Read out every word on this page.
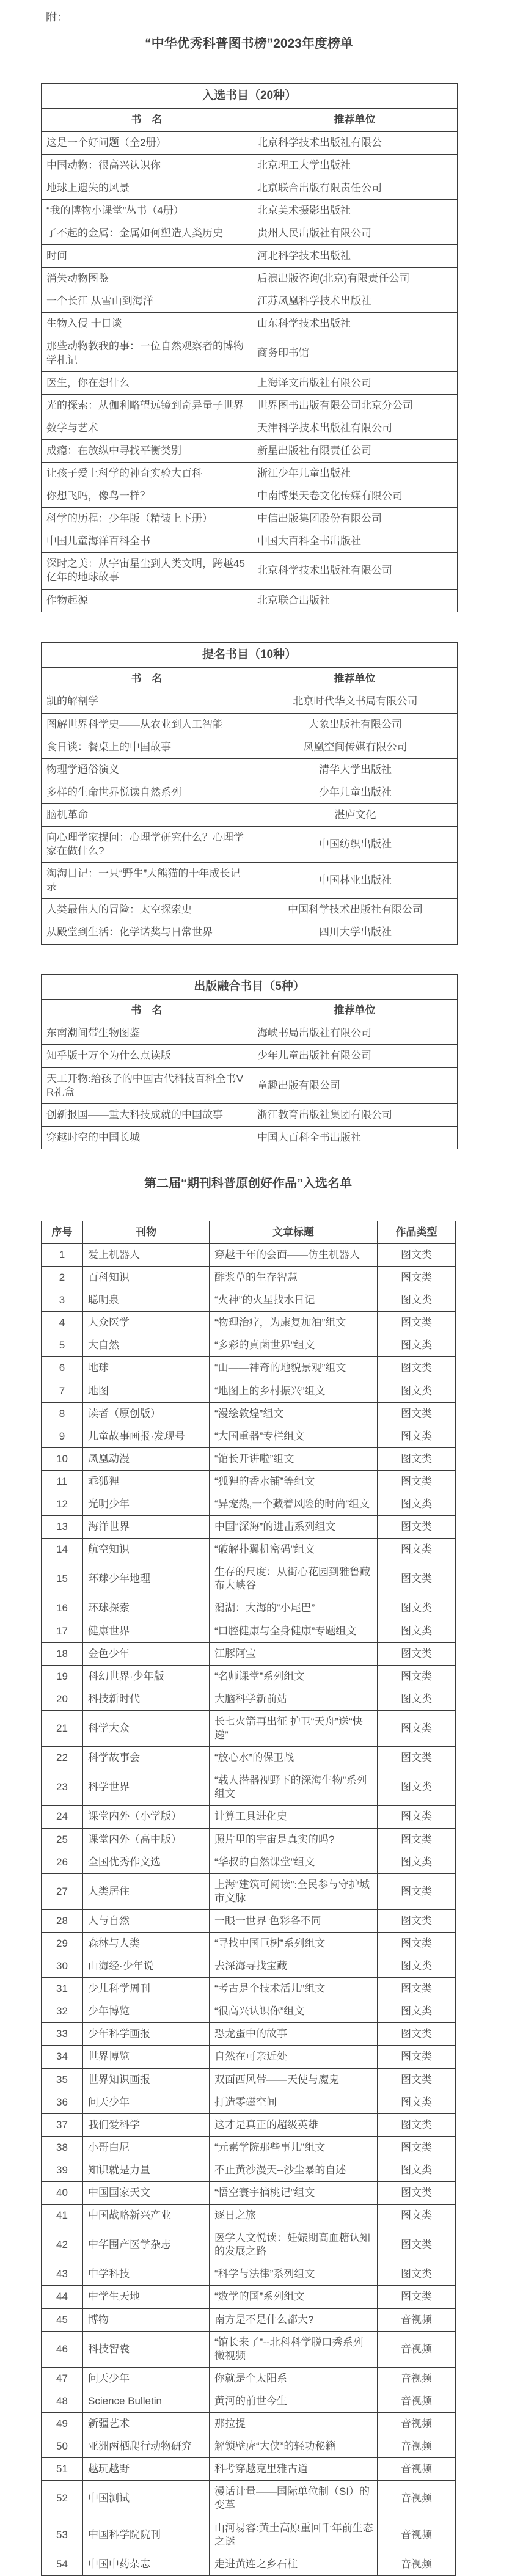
附：

“中华优秀科普图书榜”2023年度榜单
入选书目（20种）	
书　名	推荐单位
这是一个好问题（全2册）	北京科学技术出版社有限公
中国动物：很高兴认识你	北京理工大学出版社
地球上遗失的风景	北京联合出版有限责任公司
“我的博物小课堂”丛书（4册）	北京美术摄影出版社
了不起的金属：金属如何塑造人类历史	贵州人民出版社有限公司
时间	河北科学技术出版社
消失动物图鉴	后浪出版咨询(北京)有限责任公司
一个长江 从雪山到海洋	江苏凤凰科学技术出版社
生物入侵 十日谈	山东科学技术出版社
那些动物教我的事：一位自然观察者的博物学札记	商务印书馆
医生，你在想什么	上海译文出版社有限公司
光的探索：从伽利略望远镜到奇异量子世界	世界图书出版有限公司北京分公司
数学与艺术	天津科学技术出版社有限公司
成瘾：在放纵中寻找平衡类别	新星出版社有限责任公司
让孩子爱上科学的神奇实验大百科	浙江少年儿童出版社
你想飞吗，像鸟一样？	中南博集天卷文化传媒有限公司
科学的历程：少年版（精装上下册）	中信出版集团股份有限公司
中国儿童海洋百科全书	中国大百科全书出版社
深时之美：从宇宙星尘到人类文明，跨越45亿年的地球故事	北京科学技术出版社有限公司
作物起源	北京联合出版社
提名书目（10种）	
书　名	推荐单位
凯的解剖学	北京时代华文书局有限公司
图解世界科学史——从农业到人工智能	大象出版社有限公司
食日谈：餐桌上的中国故事	凤凰空间传媒有限公司
物理学通俗演义	清华大学出版社
多样的生命世界悦读自然系列	少年儿童出版社
脑机革命	湛庐文化
向心理学家提问：心理学研究什么？心理学家在做什么?	中国纺织出版社
淘淘日记：一只“野生”大熊猫的十年成长记录	中国林业出版社
人类最伟大的冒险：太空探索史	中国科学技术出版社有限公司
从殿堂到生活：化学诺奖与日常世界	四川大学出版社
出版融合书目（5种）	
书　名	推荐单位
东南潮间带生物图鉴	海峡书局出版社有限公司
知乎版十万个为什么点读版	少年儿童出版社有限公司
天工开物:给孩子的中国古代科技百科全书VR礼盒	童趣出版有限公司
创新报国——重大科技成就的中国故事	浙江教育出版社集团有限公司
穿越时空的中国长城	中国大百科全书出版社
第二届“期刊科普原创好作品”入选名单
序号	刊物	文章标题	作品类型
1	爱上机器人	穿越千年的会面——仿生机器人	图文类
2	百科知识	酢浆草的生存智慧	图文类
3	聪明泉	“火神”的火星找水日记	图文类
4	大众医学	“物理治疗，为康复加油”组文	图文类
5	大自然	“多彩的真菌世界”组文	图文类
6	地球	“山——神奇的地貌景观”组文	图文类
7	地图	“地图上的乡村振兴”组文	图文类
8	读者（原创版）	“漫绘敦煌”组文	图文类
9	儿童故事画报·发现号	“大国重器”专栏组文	图文类
10	凤凰动漫	“馆长开讲啦”组文	图文类
11	乖狐狸	“狐狸的香水铺”等组文	图文类
12	光明少年	“异宠热,一个藏着风险的时尚”组文	图文类
13	海洋世界	中国“深海”的进击系列组文	图文类
14	航空知识	“破解扑翼机密码”组文	图文类
15	环球少年地理	生存的尺度：从街心花园到雅鲁藏布大峡谷	图文类
16	环球探索	潟湖：大海的“小尾巴”	图文类
17	健康世界	“口腔健康与全身健康”专题组文	图文类
18	金色少年	江豚阿宝	图文类
19	科幻世界·少年版	“名师课堂”系列组文	图文类
20	科技新时代	大脑科学新前站	图文类
21	科学大众	长七火箭再出征 护卫“天舟”送“快递”	图文类
22	科学故事会	“放心水”的保卫战	图文类
23	科学世界	“载人潜器视野下的深海生物”系列组文	图文类
24	课堂内外（小学版）	计算工具进化史	图文类
25	课堂内外（高中版）	照片里的宇宙是真实的吗?	图文类
26	全国优秀作文选	“华叔的自然课堂”组文	图文类
27	人类居住	上海“建筑可阅读”:全民参与守护城市文脉	图文类
28	人与自然	一眼一世界 色彩各不同	图文类
29	森林与人类	“寻找中国巨树”系列组文	图文类
30	山海经·少年说	去深海寻找宝藏	图文类
31	少儿科学周刊	“考古是个技术活儿”组文	图文类
32	少年博览	“很高兴认识你”组文	图文类
33	少年科学画报	恐龙蛋中的故事	图文类
34	世界博览	自然在可亲近处	图文类
35	世界知识画报	双面西风带——天使与魔鬼	图文类
36	问天少年	打造零磁空间	图文类
37	我们爱科学	这才是真正的超级英雄	图文类
38	小哥白尼	“元素学院那些事儿”组文	图文类
39	知识就是力量	不止黄沙漫天--沙尘暴的自述	图文类
40	中国国家天文	“悟空寰宇摘桃记”组文	图文类
41	中国战略新兴产业	逐日之旅	图文类
42	中华围产医学杂志	医学人文悦读：妊娠期高血糖认知的发展之路	图文类
43	中学科技	“科学与法律”系列组文	图文类
44	中学生天地	“数学的国”系列组文	图文类
45	博物	南方是不是什么都大?	音视频
46	科技智囊	“馆长来了”--北科科学脱口秀系列微视频	音视频
47	问天少年	你就是个太阳系	音视频
48	Science Bulletin	黄河的前世今生	音视频
49	新疆艺术	那拉提	音视频
50	亚洲两栖爬行动物研究	解锁壁虎“大侠”的轻功秘籍	音视频
51	越玩越野	科考穿越克里雅古道	音视频
52	中国测试	漫话计量——国际单位制（SI）的变革	音视频
53	中国科学院院刊	山河易容:黄土高原重回千年前生态之谜	音视频
54	中国中药杂志	走进黄连之乡石柱	音视频
